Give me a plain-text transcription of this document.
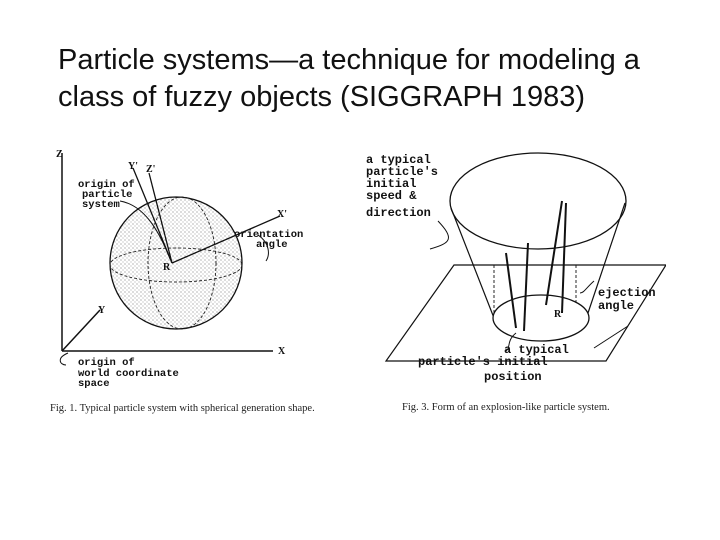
Particle systems—a technique for modeling a class of fuzzy objects (SIGGRAPH 1983)
Z
Y' Z'
origin of
particle
system
X'
orientation
angle
R
Y
X
origin of
world coordinate
space
Fig. 1. Typical particle system with spherical generation shape.
a typical
particle's
initial
speed &
direction
ejection
angle
R
a typical
particle's initial
position
Fig. 3. Form of an explosion-like particle system.
